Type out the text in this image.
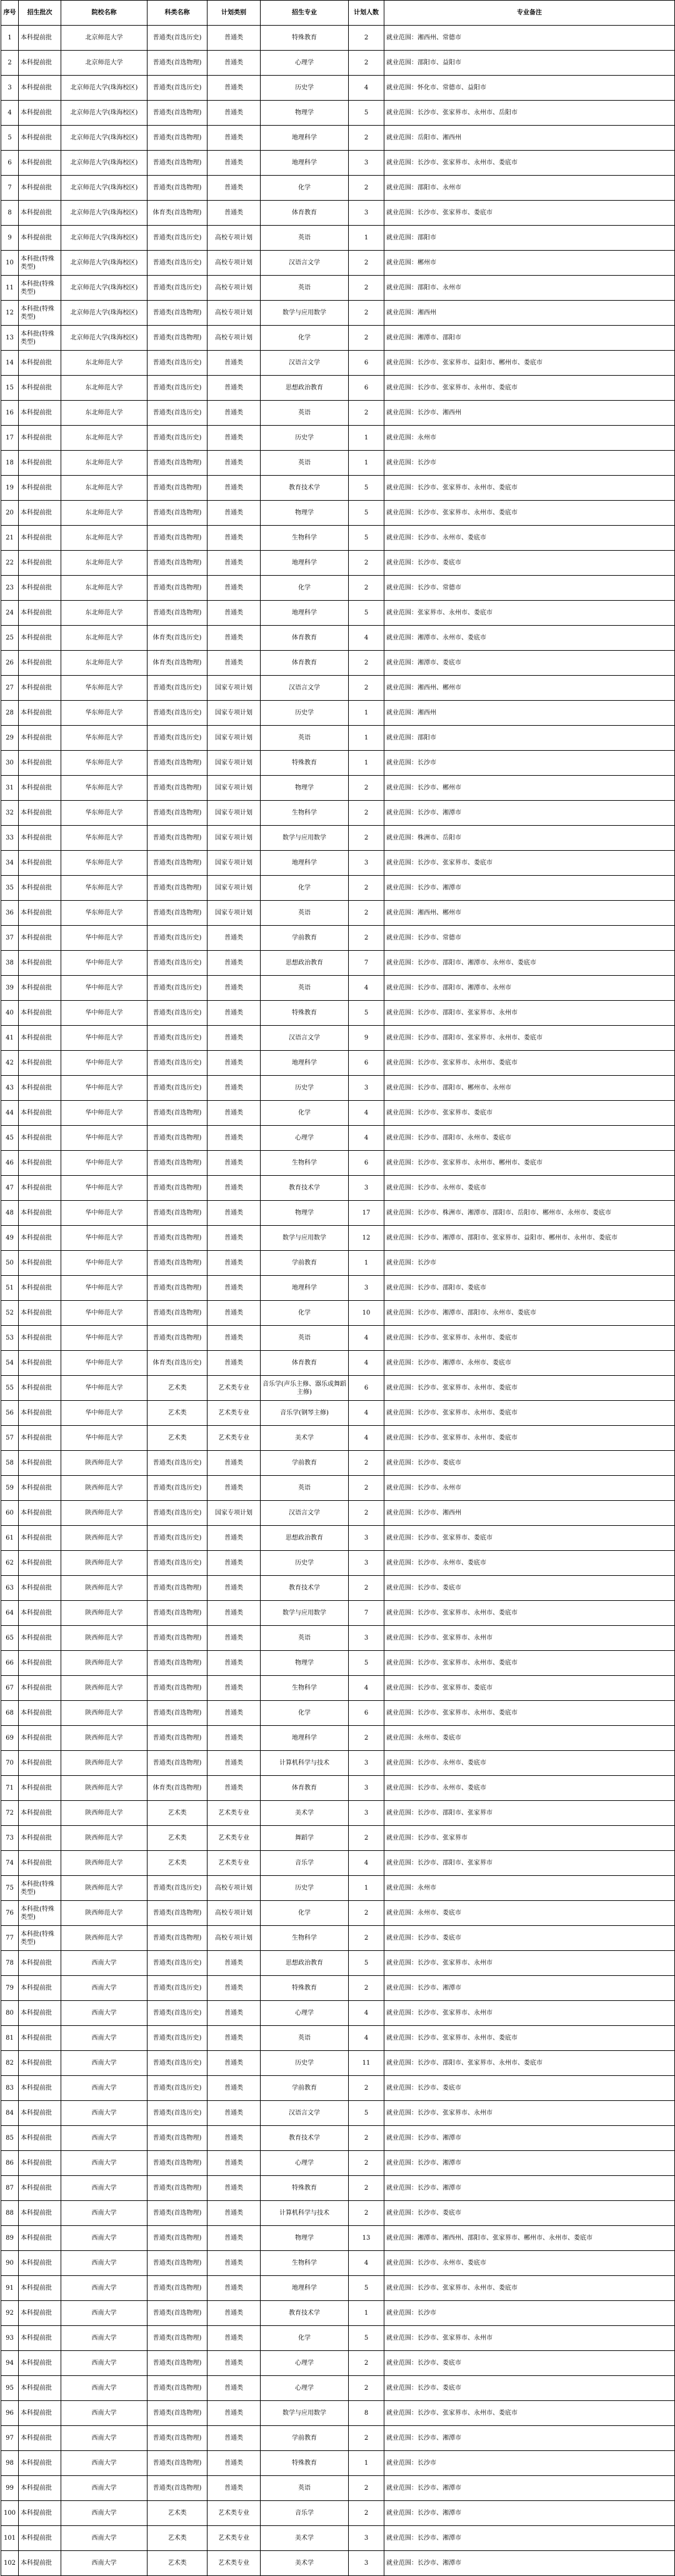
序号	招生批次	院校名称	科类名称	计划类别	招生专业	计划人数	专业备注
1	本科提前批	北京师范大学	普通类(首选历史)	普通类	特殊教育	2	就业范围：湘西州、常德市
2	本科提前批	北京师范大学	普通类(首选物理)	普通类	心理学	2	就业范围：邵阳市、益阳市
3	本科提前批	北京师范大学(珠海校区)	普通类(首选历史)	普通类	历史学	4	就业范围：怀化市、常德市、益阳市
4	本科提前批	北京师范大学(珠海校区)	普通类(首选物理)	普通类	物理学	5	就业范围：长沙市、张家界市、永州市、岳阳市
5	本科提前批	北京师范大学(珠海校区)	普通类(首选物理)	普通类	地理科学	2	就业范围：岳阳市、湘西州
6	本科提前批	北京师范大学(珠海校区)	普通类(首选物理)	普通类	地理科学	3	就业范围：长沙市、张家界市、永州市、娄底市
7	本科提前批	北京师范大学(珠海校区)	普通类(首选物理)	普通类	化学	2	就业范围：邵阳市、永州市
8	本科提前批	北京师范大学(珠海校区)	体育类(首选物理)	普通类	体育教育	3	就业范围：长沙市、张家界市、娄底市
9	本科提前批	北京师范大学(珠海校区)	普通类(首选历史)	高校专项计划	英语	1	就业范围：邵阳市
10	本科批(特殊类型)	北京师范大学(珠海校区)	普通类(首选历史)	高校专项计划	汉语言文学	2	就业范围：郴州市
11	本科批(特殊类型)	北京师范大学(珠海校区)	普通类(首选历史)	高校专项计划	英语	2	就业范围：邵阳市、永州市
12	本科批(特殊类型)	北京师范大学(珠海校区)	普通类(首选物理)	高校专项计划	数学与应用数学	2	就业范围：湘西州
13	本科批(特殊类型)	北京师范大学(珠海校区)	普通类(首选物理)	高校专项计划	化学	2	就业范围：湘潭市、邵阳市
14	本科提前批	东北师范大学	普通类(首选历史)	普通类	汉语言文学	6	就业范围：长沙市、张家界市、益阳市、郴州市、娄底市
15	本科提前批	东北师范大学	普通类(首选历史)	普通类	思想政治教育	6	就业范围：长沙市、张家界市、永州市、娄底市
16	本科提前批	东北师范大学	普通类(首选历史)	普通类	英语	2	就业范围：长沙市、湘西州
17	本科提前批	东北师范大学	普通类(首选历史)	普通类	历史学	1	就业范围：永州市
18	本科提前批	东北师范大学	普通类(首选物理)	普通类	英语	1	就业范围：长沙市
19	本科提前批	东北师范大学	普通类(首选物理)	普通类	教育技术学	5	就业范围：长沙市、张家界市、永州市、娄底市
20	本科提前批	东北师范大学	普通类(首选物理)	普通类	物理学	5	就业范围：长沙市、张家界市、永州市、娄底市
21	本科提前批	东北师范大学	普通类(首选物理)	普通类	生物科学	5	就业范围：长沙市、永州市、娄底市
22	本科提前批	东北师范大学	普通类(首选物理)	普通类	地理科学	2	就业范围：长沙市、娄底市
23	本科提前批	东北师范大学	普通类(首选物理)	普通类	化学	2	就业范围：长沙市、常德市
24	本科提前批	东北师范大学	普通类(首选物理)	普通类	地理科学	5	就业范围：张家界市、永州市、娄底市
25	本科提前批	东北师范大学	体育类(首选历史)	普通类	体育教育	4	就业范围：湘潭市、永州市、娄底市
26	本科提前批	东北师范大学	体育类(首选物理)	普通类	体育教育	2	就业范围：湘潭市、娄底市
27	本科提前批	华东师范大学	普通类(首选历史)	国家专项计划	汉语言文学	2	就业范围：湘西州、郴州市
28	本科提前批	华东师范大学	普通类(首选历史)	国家专项计划	历史学	1	就业范围：湘西州
29	本科提前批	华东师范大学	普通类(首选历史)	国家专项计划	英语	1	就业范围：邵阳市
30	本科提前批	华东师范大学	普通类(首选物理)	国家专项计划	特殊教育	1	就业范围：长沙市
31	本科提前批	华东师范大学	普通类(首选物理)	国家专项计划	物理学	2	就业范围：长沙市、郴州市
32	本科提前批	华东师范大学	普通类(首选物理)	国家专项计划	生物科学	2	就业范围：长沙市、湘潭市
33	本科提前批	华东师范大学	普通类(首选物理)	国家专项计划	数学与应用数学	2	就业范围：株洲市、岳阳市
34	本科提前批	华东师范大学	普通类(首选物理)	国家专项计划	地理科学	3	就业范围：长沙市、张家界市、娄底市
35	本科提前批	华东师范大学	普通类(首选物理)	国家专项计划	化学	2	就业范围：长沙市、湘潭市
36	本科提前批	华东师范大学	普通类(首选物理)	国家专项计划	英语	2	就业范围：湘西州、郴州市
37	本科提前批	华中师范大学	普通类(首选历史)	普通类	学前教育	2	就业范围：长沙市、常德市
38	本科提前批	华中师范大学	普通类(首选历史)	普通类	思想政治教育	7	就业范围：长沙市、邵阳市、湘潭市、永州市、娄底市
39	本科提前批	华中师范大学	普通类(首选历史)	普通类	英语	4	就业范围：长沙市、邵阳市、湘潭市、永州市
40	本科提前批	华中师范大学	普通类(首选历史)	普通类	特殊教育	5	就业范围：长沙市、邵阳市、张家界市、永州市
41	本科提前批	华中师范大学	普通类(首选历史)	普通类	汉语言文学	9	就业范围：长沙市、邵阳市、张家界市、永州市、娄底市
42	本科提前批	华中师范大学	普通类(首选历史)	普通类	地理科学	6	就业范围：长沙市、张家界市、永州市、娄底市
43	本科提前批	华中师范大学	普通类(首选历史)	普通类	历史学	3	就业范围：长沙市、邵阳市、郴州市、永州市
44	本科提前批	华中师范大学	普通类(首选物理)	普通类	化学	4	就业范围：长沙市、张家界市、娄底市
45	本科提前批	华中师范大学	普通类(首选物理)	普通类	心理学	4	就业范围：长沙市、邵阳市、永州市、娄底市
46	本科提前批	华中师范大学	普通类(首选物理)	普通类	生物科学	6	就业范围：长沙市、张家界市、永州市、郴州市、娄底市
47	本科提前批	华中师范大学	普通类(首选物理)	普通类	教育技术学	3	就业范围：长沙市、永州市、娄底市
48	本科提前批	华中师范大学	普通类(首选物理)	普通类	物理学	17	就业范围：长沙市、株洲市、湘潭市、邵阳市、岳阳市、郴州市、永州市、娄底市
49	本科提前批	华中师范大学	普通类(首选物理)	普通类	数学与应用数学	12	就业范围：长沙市、湘潭市、邵阳市、张家界市、益阳市、郴州市、永州市、娄底市
50	本科提前批	华中师范大学	普通类(首选物理)	普通类	学前教育	1	就业范围：长沙市
51	本科提前批	华中师范大学	普通类(首选物理)	普通类	地理科学	3	就业范围：长沙市、邵阳市、娄底市
52	本科提前批	华中师范大学	普通类(首选物理)	普通类	化学	10	就业范围：长沙市、湘潭市、邵阳市、永州市、娄底市
53	本科提前批	华中师范大学	普通类(首选物理)	普通类	英语	4	就业范围：长沙市、张家界市、永州市、娄底市
54	本科提前批	华中师范大学	体育类(首选历史)	普通类	体育教育	4	就业范围：长沙市、湘潭市、永州市、娄底市
55	本科提前批	华中师范大学	艺术类	艺术类专业	音乐学(声乐主修、器乐或舞蹈主修)	6	就业范围：长沙市、张家界市、永州市、娄底市
56	本科提前批	华中师范大学	艺术类	艺术类专业	音乐学(钢琴主修)	4	就业范围：长沙市、张家界市、永州市、娄底市
57	本科提前批	华中师范大学	艺术类	艺术类专业	美术学	4	就业范围：长沙市、张家界市、永州市、娄底市
58	本科提前批	陕西师范大学	普通类(首选历史)	普通类	学前教育	2	就业范围：长沙市、娄底市
59	本科提前批	陕西师范大学	普通类(首选历史)	普通类	英语	2	就业范围：长沙市、永州市
60	本科提前批	陕西师范大学	普通类(首选历史)	国家专项计划	汉语言文学	2	就业范围：长沙市、湘西州
61	本科提前批	陕西师范大学	普通类(首选历史)	普通类	思想政治教育	3	就业范围：长沙市、张家界市、娄底市
62	本科提前批	陕西师范大学	普通类(首选历史)	普通类	历史学	3	就业范围：长沙市、永州市、娄底市
63	本科提前批	陕西师范大学	普通类(首选物理)	普通类	教育技术学	2	就业范围：长沙市、娄底市
64	本科提前批	陕西师范大学	普通类(首选物理)	普通类	数学与应用数学	7	就业范围：长沙市、张家界市、永州市、娄底市
65	本科提前批	陕西师范大学	普通类(首选物理)	普通类	英语	3	就业范围：长沙市、张家界市、永州市
66	本科提前批	陕西师范大学	普通类(首选物理)	普通类	物理学	5	就业范围：长沙市、张家界市、永州市、娄底市
67	本科提前批	陕西师范大学	普通类(首选物理)	普通类	生物科学	4	就业范围：长沙市、张家界市、娄底市
68	本科提前批	陕西师范大学	普通类(首选物理)	普通类	化学	6	就业范围：长沙市、张家界市、永州市、娄底市
69	本科提前批	陕西师范大学	普通类(首选物理)	普通类	地理科学	2	就业范围：永州市、娄底市
70	本科提前批	陕西师范大学	普通类(首选物理)	普通类	计算机科学与技术	3	就业范围：长沙市、永州市、娄底市
71	本科提前批	陕西师范大学	体育类(首选物理)	普通类	体育教育	3	就业范围：长沙市、永州市、娄底市
72	本科提前批	陕西师范大学	艺术类	艺术类专业	美术学	3	就业范围：长沙市、邵阳市、张家界市
73	本科提前批	陕西师范大学	艺术类	艺术类专业	舞蹈学	2	就业范围：长沙市、张家界市
74	本科提前批	陕西师范大学	艺术类	艺术类专业	音乐学	4	就业范围：长沙市、邵阳市、张家界市
75	本科批(特殊类型)	陕西师范大学	普通类(首选历史)	高校专项计划	历史学	1	就业范围：永州市
76	本科批(特殊类型)	陕西师范大学	普通类(首选物理)	高校专项计划	化学	2	就业范围：永州市、娄底市
77	本科批(特殊类型)	陕西师范大学	普通类(首选物理)	高校专项计划	生物科学	2	就业范围：长沙市、娄底市
78	本科提前批	西南大学	普通类(首选历史)	普通类	思想政治教育	5	就业范围：长沙市、张家界市、永州市
79	本科提前批	西南大学	普通类(首选历史)	普通类	特殊教育	2	就业范围：长沙市、湘潭市
80	本科提前批	西南大学	普通类(首选历史)	普通类	心理学	4	就业范围：长沙市、张家界市、永州市
81	本科提前批	西南大学	普通类(首选历史)	普通类	英语	4	就业范围：长沙市、张家界市、永州市、娄底市
82	本科提前批	西南大学	普通类(首选历史)	普通类	历史学	11	就业范围：长沙市、邵阳市、张家界市、永州市、娄底市
83	本科提前批	西南大学	普通类(首选历史)	普通类	学前教育	2	就业范围：长沙市、娄底市
84	本科提前批	西南大学	普通类(首选历史)	普通类	汉语言文学	5	就业范围：长沙市、张家界市、永州市
85	本科提前批	西南大学	普通类(首选物理)	普通类	教育技术学	2	就业范围：长沙市、湘潭市
86	本科提前批	西南大学	普通类(首选物理)	普通类	心理学	2	就业范围：长沙市、湘潭市
87	本科提前批	西南大学	普通类(首选物理)	普通类	特殊教育	2	就业范围：长沙市、湘潭市
88	本科提前批	西南大学	普通类(首选物理)	普通类	计算机科学与技术	2	就业范围：长沙市、娄底市
89	本科提前批	西南大学	普通类(首选物理)	普通类	物理学	13	就业范围：湘潭市、湘西州、邵阳市、张家界市、郴州市、永州市、娄底市
90	本科提前批	西南大学	普通类(首选物理)	普通类	生物科学	4	就业范围：长沙市、永州市、娄底市
91	本科提前批	西南大学	普通类(首选物理)	普通类	地理科学	5	就业范围：长沙市、张家界市、永州市、娄底市
92	本科提前批	西南大学	普通类(首选物理)	普通类	教育技术学	1	就业范围：长沙市
93	本科提前批	西南大学	普通类(首选物理)	普通类	化学	5	就业范围：长沙市、张家界市、永州市
94	本科提前批	西南大学	普通类(首选物理)	普通类	心理学	2	就业范围：长沙市、娄底市
95	本科提前批	西南大学	普通类(首选物理)	普通类	心理学	2	就业范围：长沙市、娄底市
96	本科提前批	西南大学	普通类(首选物理)	普通类	数学与应用数学	8	就业范围：长沙市、张家界市、永州市、娄底市
97	本科提前批	西南大学	普通类(首选物理)	普通类	学前教育	2	就业范围：长沙市、湘潭市
98	本科提前批	西南大学	普通类(首选物理)	普通类	特殊教育	1	就业范围：长沙市
99	本科提前批	西南大学	普通类(首选物理)	普通类	英语	2	就业范围：长沙市、湘潭市
100	本科提前批	西南大学	艺术类	艺术类专业	音乐学	2	就业范围：长沙市、湘潭市
101	本科提前批	西南大学	艺术类	艺术类专业	美术学	3	就业范围：长沙市、湘潭市
102	本科提前批	西南大学	艺术类	艺术类专业	美术学	3	就业范围：长沙市、湘潭市
